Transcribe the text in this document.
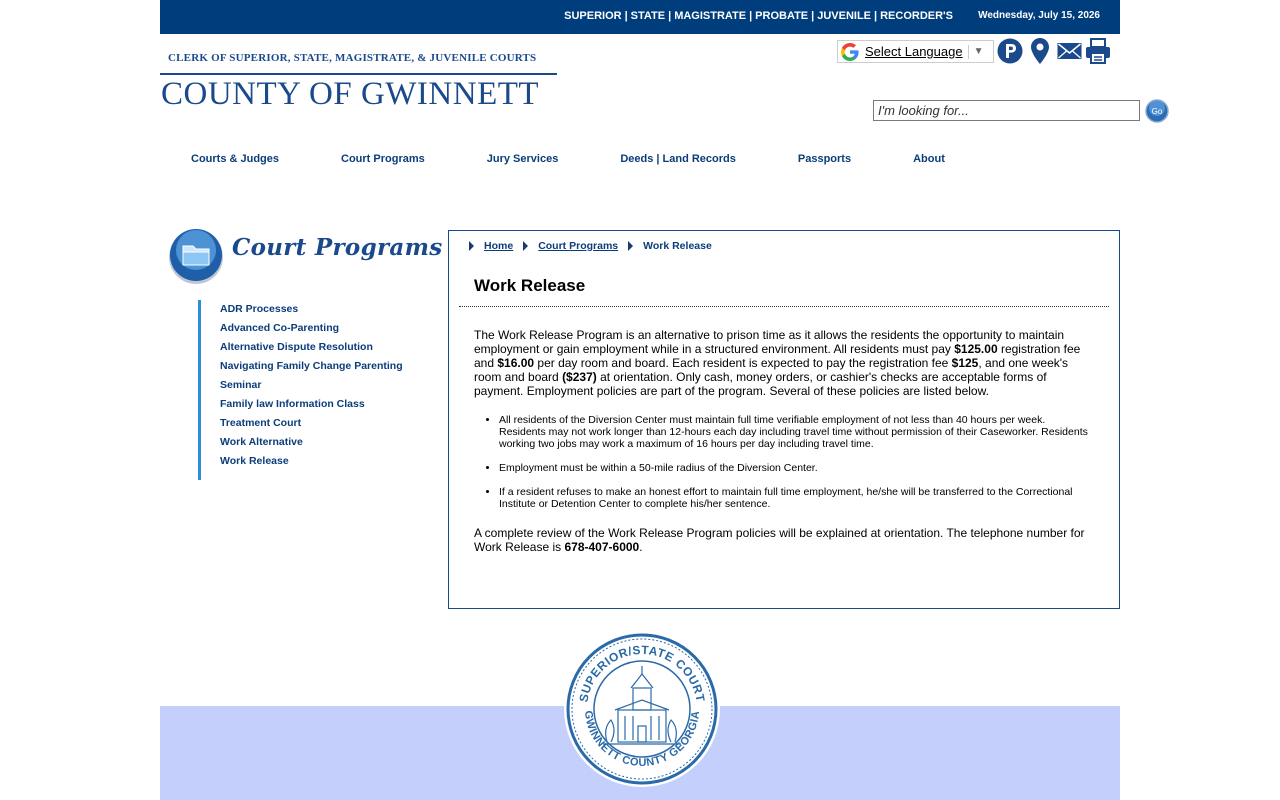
SUPERIOR | STATE | MAGISTRATE | PROBATE | JUVENILE | RECORDER'S	Wednesday, July 15, 2026
CLERK OF SUPERIOR, STATE, MAGISTRATE, & JUVENILE COURTS
COUNTY OF GWINNETT
Select Language ▼
I'm looking for...
Go
Courts & Judges	Court Programs	Jury Services	Deeds | Land Records	Passports	About
Court Programs
ADR Processes
Advanced Co-Parenting
Alternative Dispute Resolution
Navigating Family Change Parenting
Seminar
Family law Information Class
Treatment Court
Work Alternative
Work Release
Home Court Programs Work Release
Work Release

The Work Release Program is an alternative to prison time as it allows the residents the opportunity to maintain employment or gain employment while in a structured environment. All residents must pay $125.00 registration fee and $16.00 per day room and board. Each resident is expected to pay the registration fee $125, and one week's room and board ($237) at orientation. Only cash, money orders, or cashier's checks are acceptable forms of payment. Employment policies are part of the program. Several of these policies are listed below.

• All residents of the Diversion Center must maintain full time verifiable employment of not less than 40 hours per week. Residents may not work longer than 12-hours each day including travel time without permission of their Caseworker. Residents working two jobs may work a maximum of 16 hours per day including travel time.
• Employment must be within a 50-mile radius of the Diversion Center.
• If a resident refuses to make an honest effort to maintain full time employment, he/she will be transferred to the Correctional Institute or Detention Center to complete his/her sentence.

A complete review of the Work Release Program policies will be explained at orientation. The telephone number for Work Release is 678-407-6000.

SUPERIOR/STATE COURT
GWINNETT COUNTY GEORGIA
